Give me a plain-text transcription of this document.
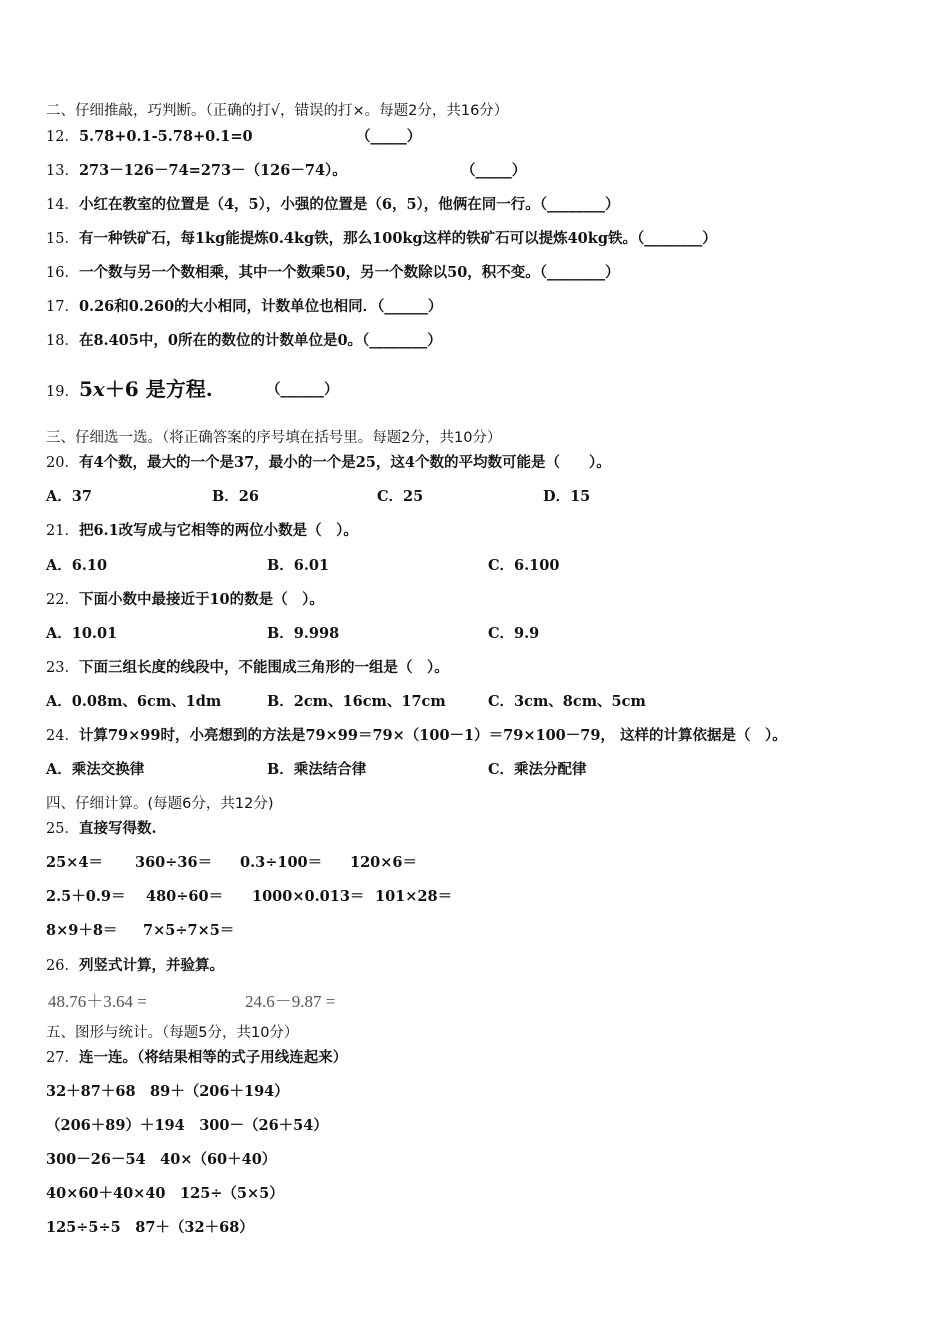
二、仔细推敲，巧判断。（正确的打√，错误的打×。每题2分，共16分）
12．5.78+0.1-5.78+0.1=0	（_____）
13．273－126－74=273－（126－74）。	（_____）
14．小红在教室的位置是（4，5），小强的位置是（6，5），他俩在同一行。（________）
15．有一种铁矿石，每1kg能提炼0.4kg铁，那么100kg这样的铁矿石可以提炼40kg铁。（________）
16．一个数与另一个数相乘，其中一个数乘50，另一个数除以50，积不变。（________）
17．0.26和0.260的大小相同，计数单位也相同．（______）
18．在8.405中，0所在的数位的计数单位是0。（________）
19．5x＋6 是方程.	（______）
三、仔细选一选。（将正确答案的序号填在括号里。每题2分，共10分）
20．有4个数，最大的一个是37，最小的一个是25，这4个数的平均数可能是（　　）。
A．37	B．26	C．25	D．15
21．把6.1改写成与它相等的两位小数是（　）。
A．6.10	B．6.01	C．6.100
22．下面小数中最接近于10的数是（　）。
A．10.01	B．9.998	C．9.9
23．下面三组长度的线段中，不能围成三角形的一组是（　）。
A．0.08m、6cm、1dm	B．2cm、16cm、17cm	C．3cm、8cm、5cm
24．计算79×99时，小亮想到的方法是79×99＝79×（100－1）＝79×100－79， 这样的计算依据是（　）。
A．乘法交换律	B．乘法结合律	C．乘法分配律
四、仔细计算。(每题6分，共12分)
25．直接写得数.
25×4＝ 360÷36＝ 0.3÷100＝ 120×6＝
2.5＋0.9＝ 480÷60＝ 1000×0.013＝ 101×28＝
8×9＋8＝ 7×5÷7×5＝
26．列竖式计算，并验算。
48.76＋3.64 =	24.6－9.87 =
五、图形与统计。（每题5分，共10分）
27．连一连。（将结果相等的式子用线连起来）
32＋87＋68　89＋（206＋194）
（206＋89）＋194　300－（26＋54）
300－26－54　40×（60＋40）
40×60＋40×40　125÷（5×5）
125÷5÷5　87＋（32＋68）
